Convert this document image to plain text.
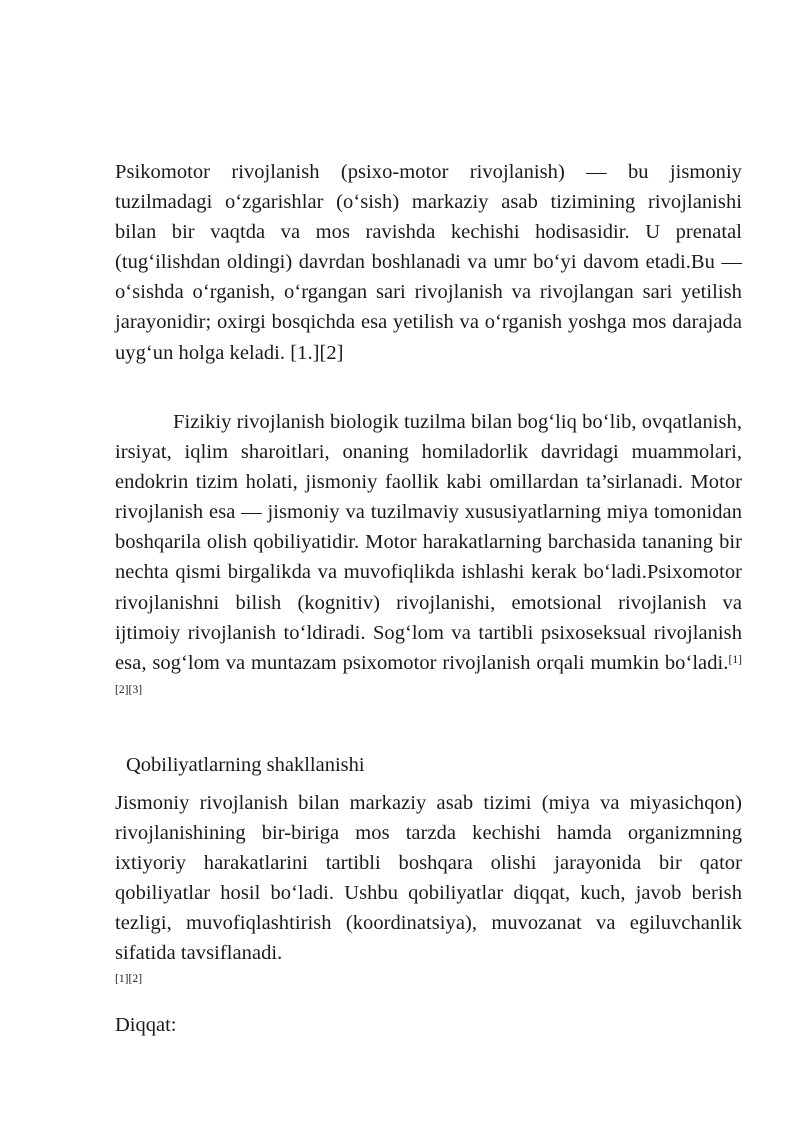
Psikomotor rivojlanish (psixo-motor rivojlanish) — bu jismoniy tuzilmadagi o‘zgarishlar (o‘sish) markaziy asab tizimining rivojlanishi bilan bir vaqtda va mos ravishda kechishi hodisasidir. U prenatal (tug‘ilishdan oldingi) davrdan boshlanadi va umr bo‘yi davom etadi.Bu — o‘sishda o‘rganish, o‘rgangan sari rivojlanish va rivojlangan sari yetilish jarayonidir; oxirgi bosqichda esa yetilish va o‘rganish yoshga mos darajada uyg‘un holga keladi. [1.][2]

Fizikiy rivojlanish biologik tuzilma bilan bog‘liq bo‘lib, ovqatlanish, irsiyat, iqlim sharoitlari, onaning homiladorlik davridagi muammolari, endokrin tizim holati, jismoniy faollik kabi omillardan ta’sirlanadi. Motor rivojlanish esa — jismoniy va tuzilmaviy xususiyatlarning miya tomonidan boshqarila olish qobiliyatidir. Motor harakatlarning barchasida tananing bir nechta qismi birgalikda va muvofiqlikda ishlashi kerak bo‘ladi.Psixomotor rivojlanishni bilish (kognitiv) rivojlanishi, emotsional rivojlanish va ijtimoiy rivojlanish to‘ldiradi. Sog‘lom va tartibli psixoseksual rivojlanish esa, sog‘lom va muntazam psixomotor rivojlanish orqali mumkin bo‘ladi.[1][2][3]

Qobiliyatlarning shakllanishi

Jismoniy rivojlanish bilan markaziy asab tizimi (miya va miyasichqon) rivojlanishining bir-biriga mos tarzda kechishi hamda organizmning ixtiyoriy harakatlarini tartibli boshqara olishi jarayonida bir qator qobiliyatlar hosil bo‘ladi. Ushbu qobiliyatlar diqqat, kuch, javob berish tezligi, muvofiqlashtirish (koordinatsiya), muvozanat va egiluvchanlik sifatida tavsiflanadi.
[1][2]

Diqqat:
